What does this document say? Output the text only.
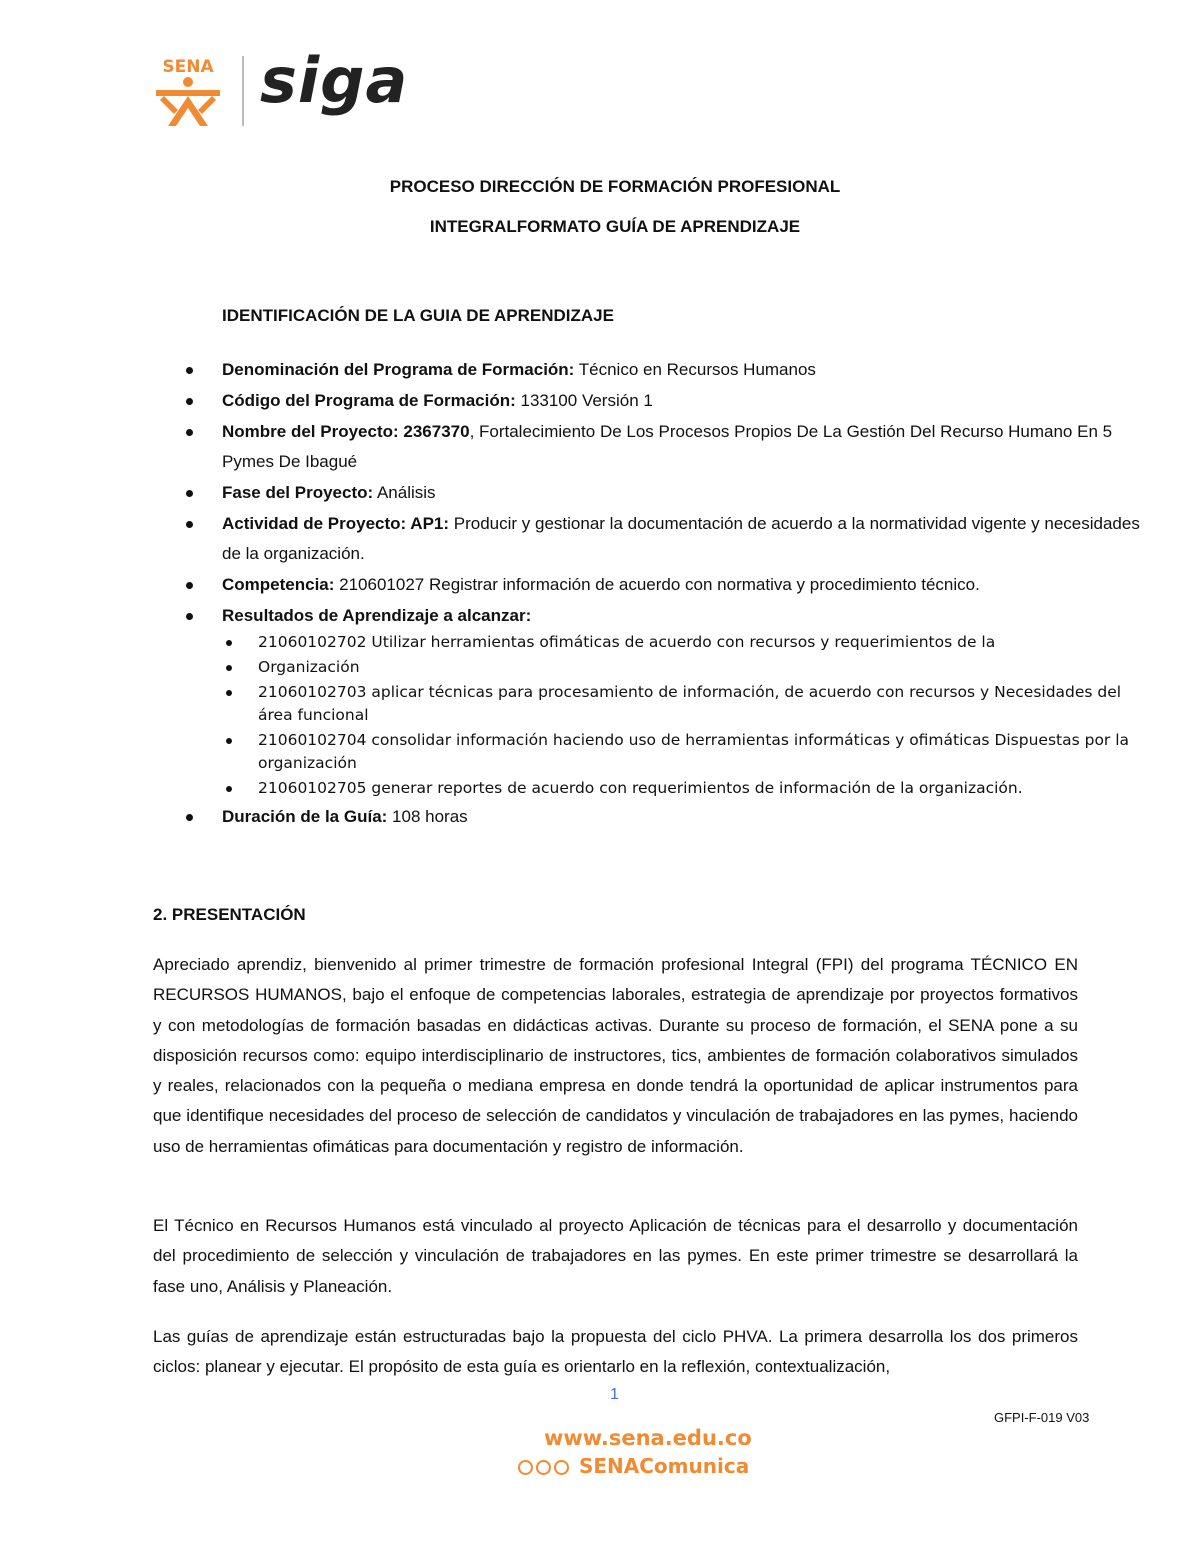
SENA siga
PROCESO DIRECCIÓN DE FORMACIÓN PROFESIONAL
INTEGRALFORMATO GUÍA DE APRENDIZAJE
IDENTIFICACIÓN DE LA GUIA DE APRENDIZAJE
Denominación del Programa de Formación: Técnico en Recursos Humanos
Código del Programa de Formación: 133100 Versión 1
Nombre del Proyecto: 2367370, Fortalecimiento De Los Procesos Propios De La Gestión Del Recurso Humano En 5 Pymes De Ibagué
Fase del Proyecto: Análisis
Actividad de Proyecto: AP1: Producir y gestionar la documentación de acuerdo a la normatividad vigente y necesidades de la organización.
Competencia: 210601027 Registrar información de acuerdo con normativa y procedimiento técnico.
Resultados de Aprendizaje a alcanzar:
21060102702 Utilizar herramientas ofimáticas de acuerdo con recursos y requerimientos de la
Organización
21060102703 aplicar técnicas para procesamiento de información, de acuerdo con recursos y Necesidades del área funcional
21060102704 consolidar información haciendo uso de herramientas informáticas y ofimáticas Dispuestas por la organización
21060102705 generar reportes de acuerdo con requerimientos de información de la organización.
Duración de la Guía: 108 horas
2. PRESENTACIÓN

Apreciado aprendiz, bienvenido al primer trimestre de formación profesional Integral (FPI) del programa TÉCNICO EN RECURSOS HUMANOS, bajo el enfoque de competencias laborales, estrategia de aprendizaje por proyectos formativos y con metodologías de formación basadas en didácticas activas. Durante su proceso de formación, el SENA pone a su disposición recursos como: equipo interdisciplinario de instructores, tics, ambientes de formación colaborativos simulados y reales, relacionados con la pequeña o mediana empresa en donde tendrá la oportunidad de aplicar instrumentos para que identifique necesidades del proceso de selección de candidatos y vinculación de trabajadores en las pymes, haciendo uso de herramientas ofimáticas para documentación y registro de información.

El Técnico en Recursos Humanos está vinculado al proyecto Aplicación de técnicas para el desarrollo y documentación del procedimiento de selección y vinculación de trabajadores en las pymes. En este primer trimestre se desarrollará la fase uno, Análisis y Planeación.

Las guías de aprendizaje están estructuradas bajo la propuesta del ciclo PHVA. La primera desarrolla los dos primeros ciclos: planear y ejecutar. El propósito de esta guía es orientarlo en la reflexión, contextualización,

1
GFPI-F-019 V03
www.sena.edu.co
SENAComunica
